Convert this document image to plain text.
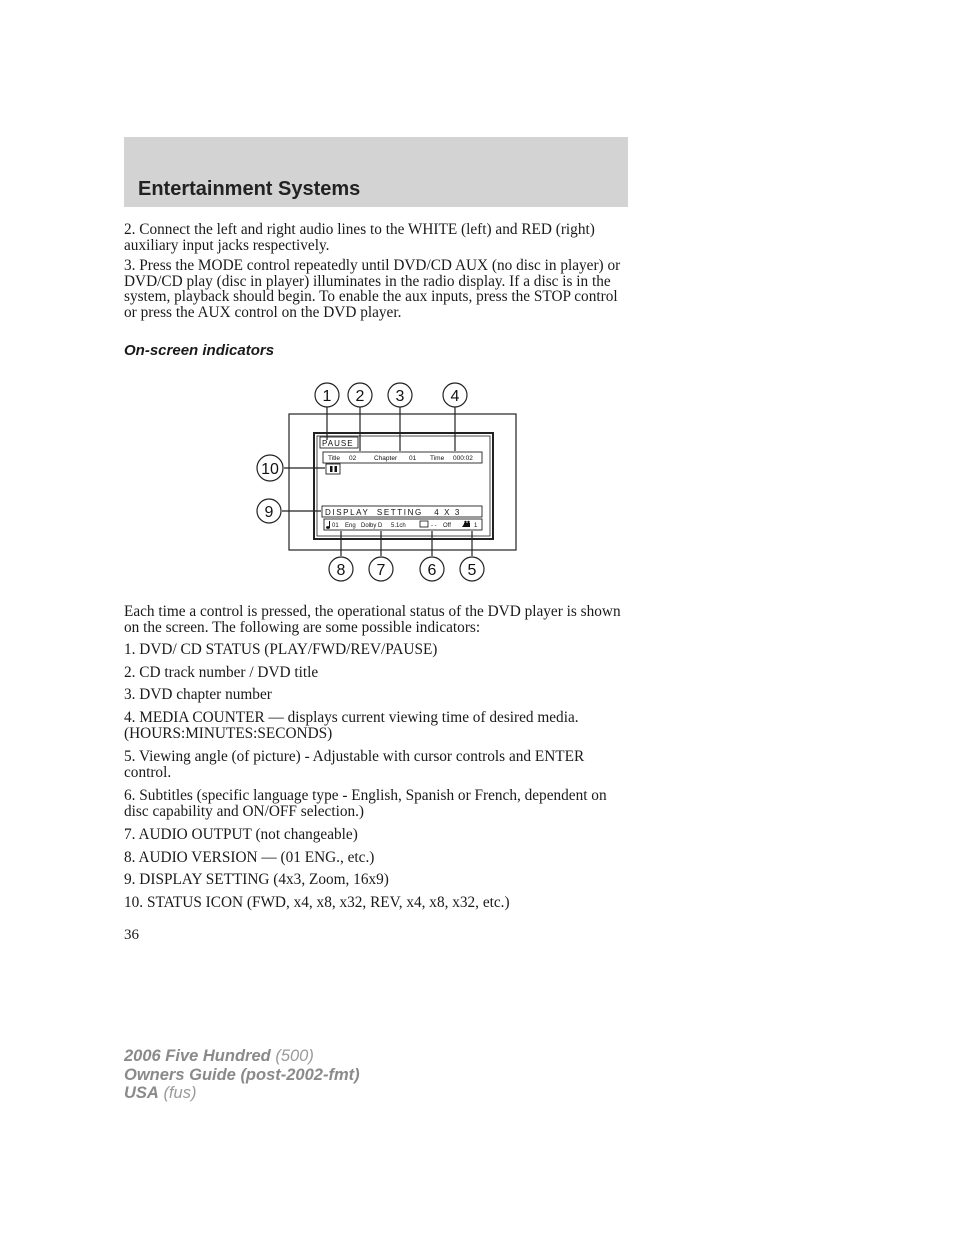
Entertainment Systems
2. Connect the left and right audio lines to the WHITE (left) and RED (right) auxiliary input jacks respectively.
3. Press the MODE control repeatedly until DVD/CD AUX (no disc in player) or DVD/CD play (disc in player) illuminates in the radio display. If a disc is in the system, playback should begin. To enable the aux inputs, press the STOP control or press the AUX control on the DVD player.
On-screen indicators
1 2 3	4
5
6
7
8
9
10
PAUSE
Title 02	Chapter 01 Time 000:02
DISPLAY  SETTING   4 X 3
01 Eng Dolby D 5.1ch	- - Off	1
Each time a control is pressed, the operational status of the DVD player is shown on the screen. The following are some possible indicators:
1. DVD/ CD STATUS (PLAY/FWD/REV/PAUSE)
2. CD track number / DVD title
3. DVD chapter number
4. MEDIA COUNTER — displays current viewing time of desired media. (HOURS:MINUTES:SECONDS)
5. Viewing angle (of picture) - Adjustable with cursor controls and ENTER control.
6. Subtitles (specific language type - English, Spanish or French, dependent on disc capability and ON/OFF selection.)
7. AUDIO OUTPUT (not changeable)
8. AUDIO VERSION — (01 ENG., etc.)
9. DISPLAY SETTING (4x3, Zoom, 16x9)
10. STATUS ICON (FWD, x4, x8, x32, REV, x4, x8, x32, etc.)
36
2006 Five Hundred (500)
Owners Guide (post-2002-fmt)
USA (fus)
